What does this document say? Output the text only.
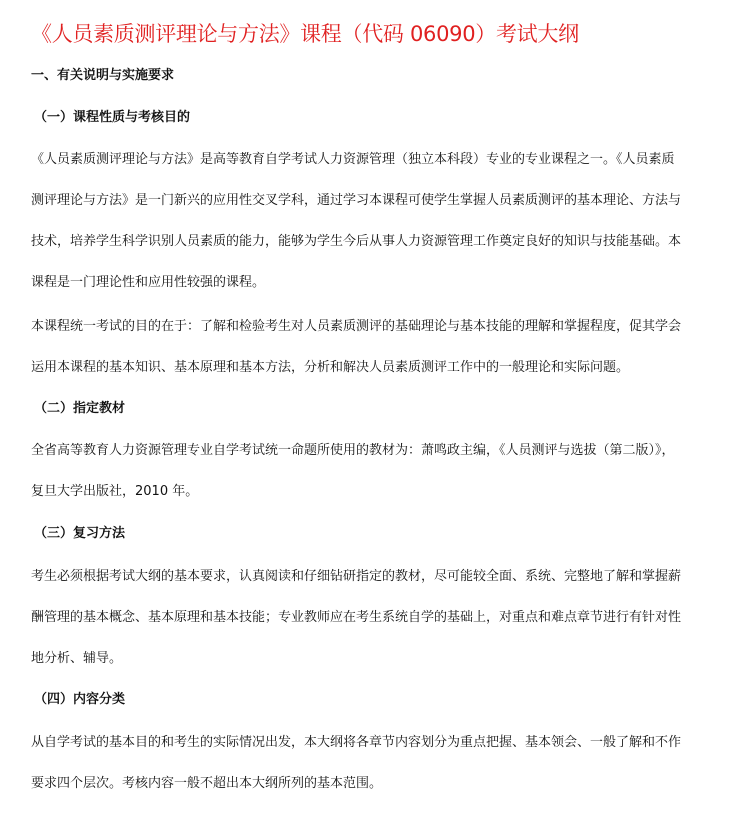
《人员素质测评理论与方法》课程（代码 06090）考试大纲
一、有关说明与实施要求
（一）课程性质与考核目的
《人员素质测评理论与方法》是高等教育自学考试人力资源管理（独立本科段）专业的专业课程之一。《人员素质
测评理论与方法》是一门新兴的应用性交叉学科，通过学习本课程可使学生掌握人员素质测评的基本理论、方法与
技术，培养学生科学识别人员素质的能力，能够为学生今后从事人力资源管理工作奠定良好的知识与技能基础。本
课程是一门理论性和应用性较强的课程。
本课程统一考试的目的在于：了解和检验考生对人员素质测评的基础理论与基本技能的理解和掌握程度，促其学会
运用本课程的基本知识、基本原理和基本方法，分析和解决人员素质测评工作中的一般理论和实际问题。
（二）指定教材
全省高等教育人力资源管理专业自学考试统一命题所使用的教材为：萧鸣政主编，《人员测评与选拔（第二版）》，
复旦大学出版社，2010 年。
（三）复习方法
考生必须根据考试大纲的基本要求，认真阅读和仔细钻研指定的教材，尽可能较全面、系统、完整地了解和掌握薪
酬管理的基本概念、基本原理和基本技能；专业教师应在考生系统自学的基础上，对重点和难点章节进行有针对性
地分析、辅导。
（四）内容分类
从自学考试的基本目的和考生的实际情况出发，本大纲将各章节内容划分为重点把握、基本领会、一般了解和不作
要求四个层次。考核内容一般不超出本大纲所列的基本范围。
